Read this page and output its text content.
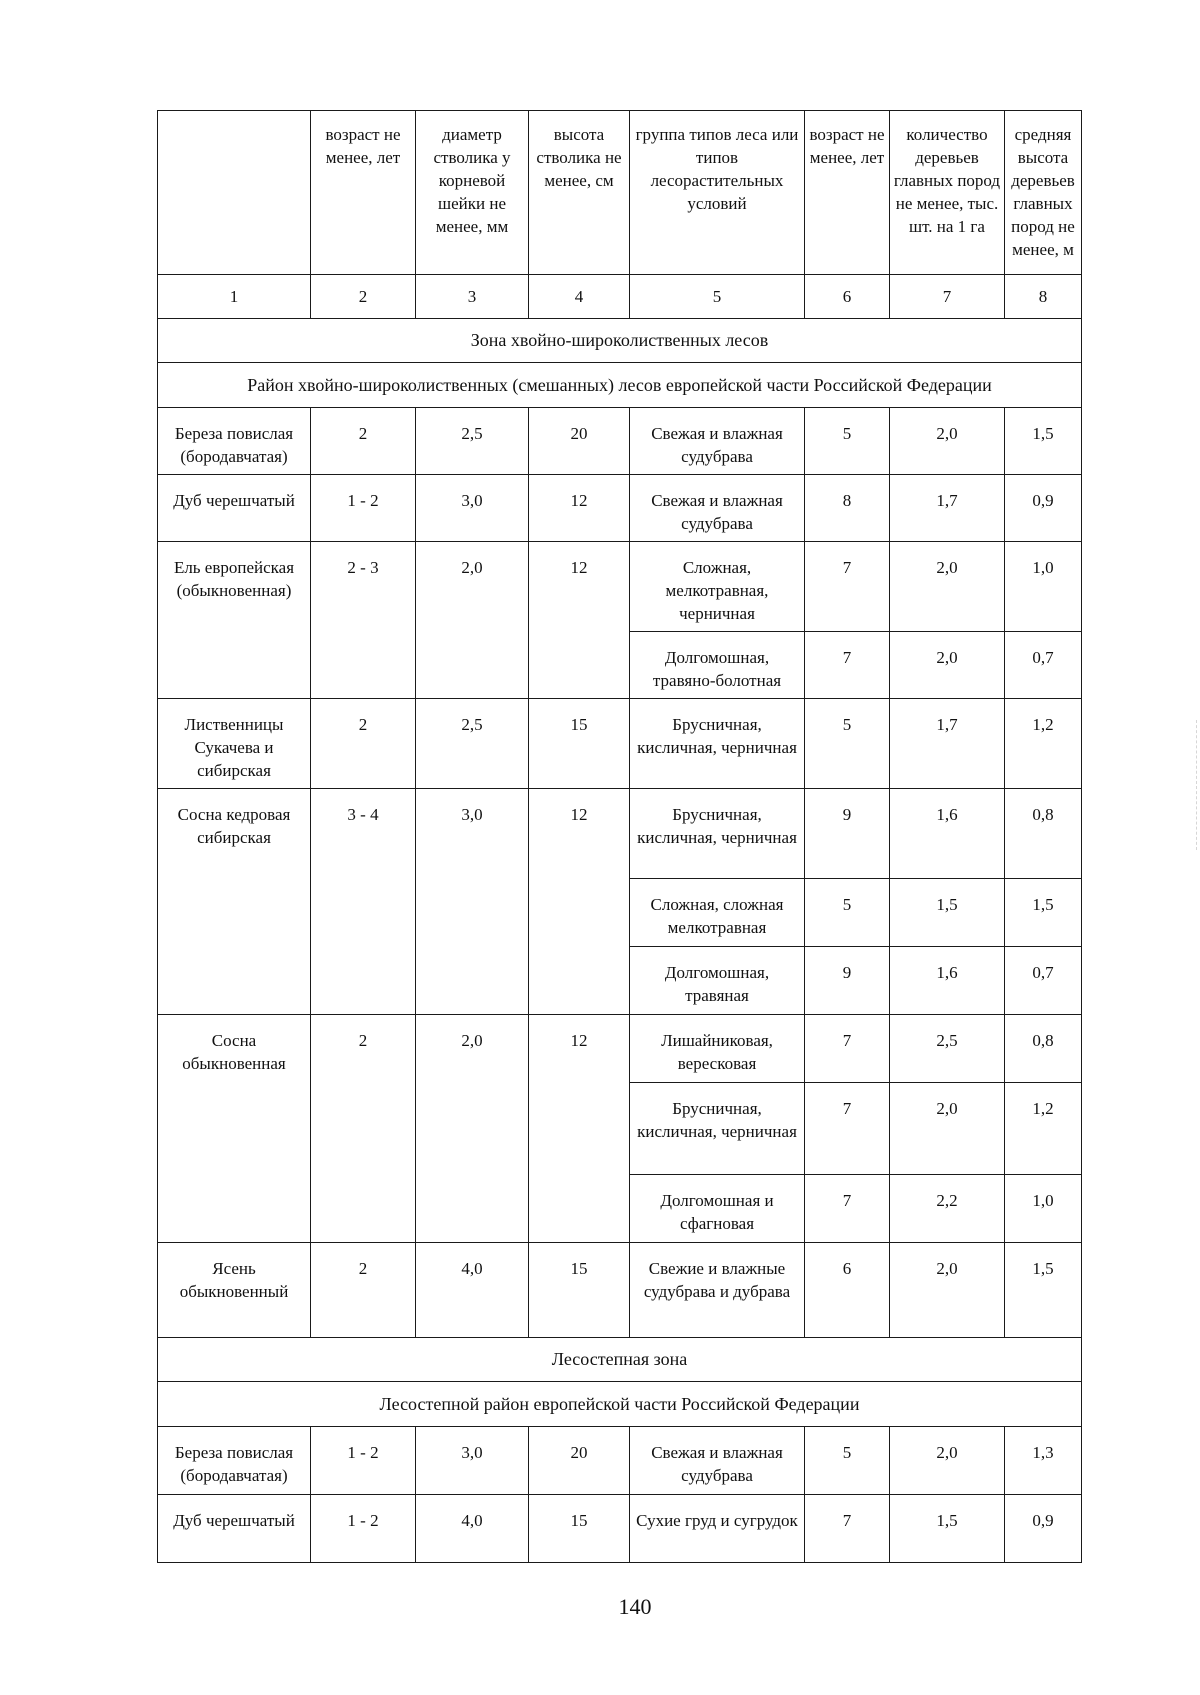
	возраст не менее, лет	диаметр стволика у корневой шейки не менее, мм	высота стволика не менее, см	группа типов леса или типов лесорастительных условий	возраст не менее, лет	количество деревьев главных пород не менее, тыс. шт. на 1 га	средняя высота деревьев главных пород не менее, м
1	2	3	4	5	6	7	8
Зона хвойно-широколиственных лесов							
Район хвойно-широколиственных (смешанных) лесов европейской части Российской Федерации							
Береза повислая (бородавчатая)	2	2,5	20	Свежая и влажная судубрава	5	2,0	1,5
Дуб черешчатый	1 - 2	3,0	12	Свежая и влажная судубрава	8	1,7	0,9
Ель европейская (обыкновенная)	2 - 3	2,0	12	Сложная, мелкотравная, черничная	7	2,0	1,0
				Долгомошная, травяно-болотная	7	2,0	0,7
Лиственницы Сукачева и сибирская	2	2,5	15	Брусничная, кисличная, черничная	5	1,7	1,2
Сосна кедровая сибирская	3 - 4	3,0	12	Брусничная, кисличная, черничная	9	1,6	0,8
				Сложная, сложная мелкотравная	5	1,5	1,5
				Долгомошная, травяная	9	1,6	0,7
Сосна обыкновенная	2	2,0	12	Лишайниковая, вересковая	7	2,5	0,8
				Брусничная, кисличная, черничная	7	2,0	1,2
				Долгомошная и сфагновая	7	2,2	1,0
Ясень обыкновенный	2	4,0	15	Свежие и влажные судубрава и дубрава	6	2,0	1,5
Лесостепная зона							
Лесостепной район европейской части Российской Федерации							
Береза повислая (бородавчатая)	1 - 2	3,0	20	Свежая и влажная судубрава	5	2,0	1,3
Дуб черешчатый	1 - 2	4,0	15	Сухие груд и сугрудок	7	1,5	0,9
140
